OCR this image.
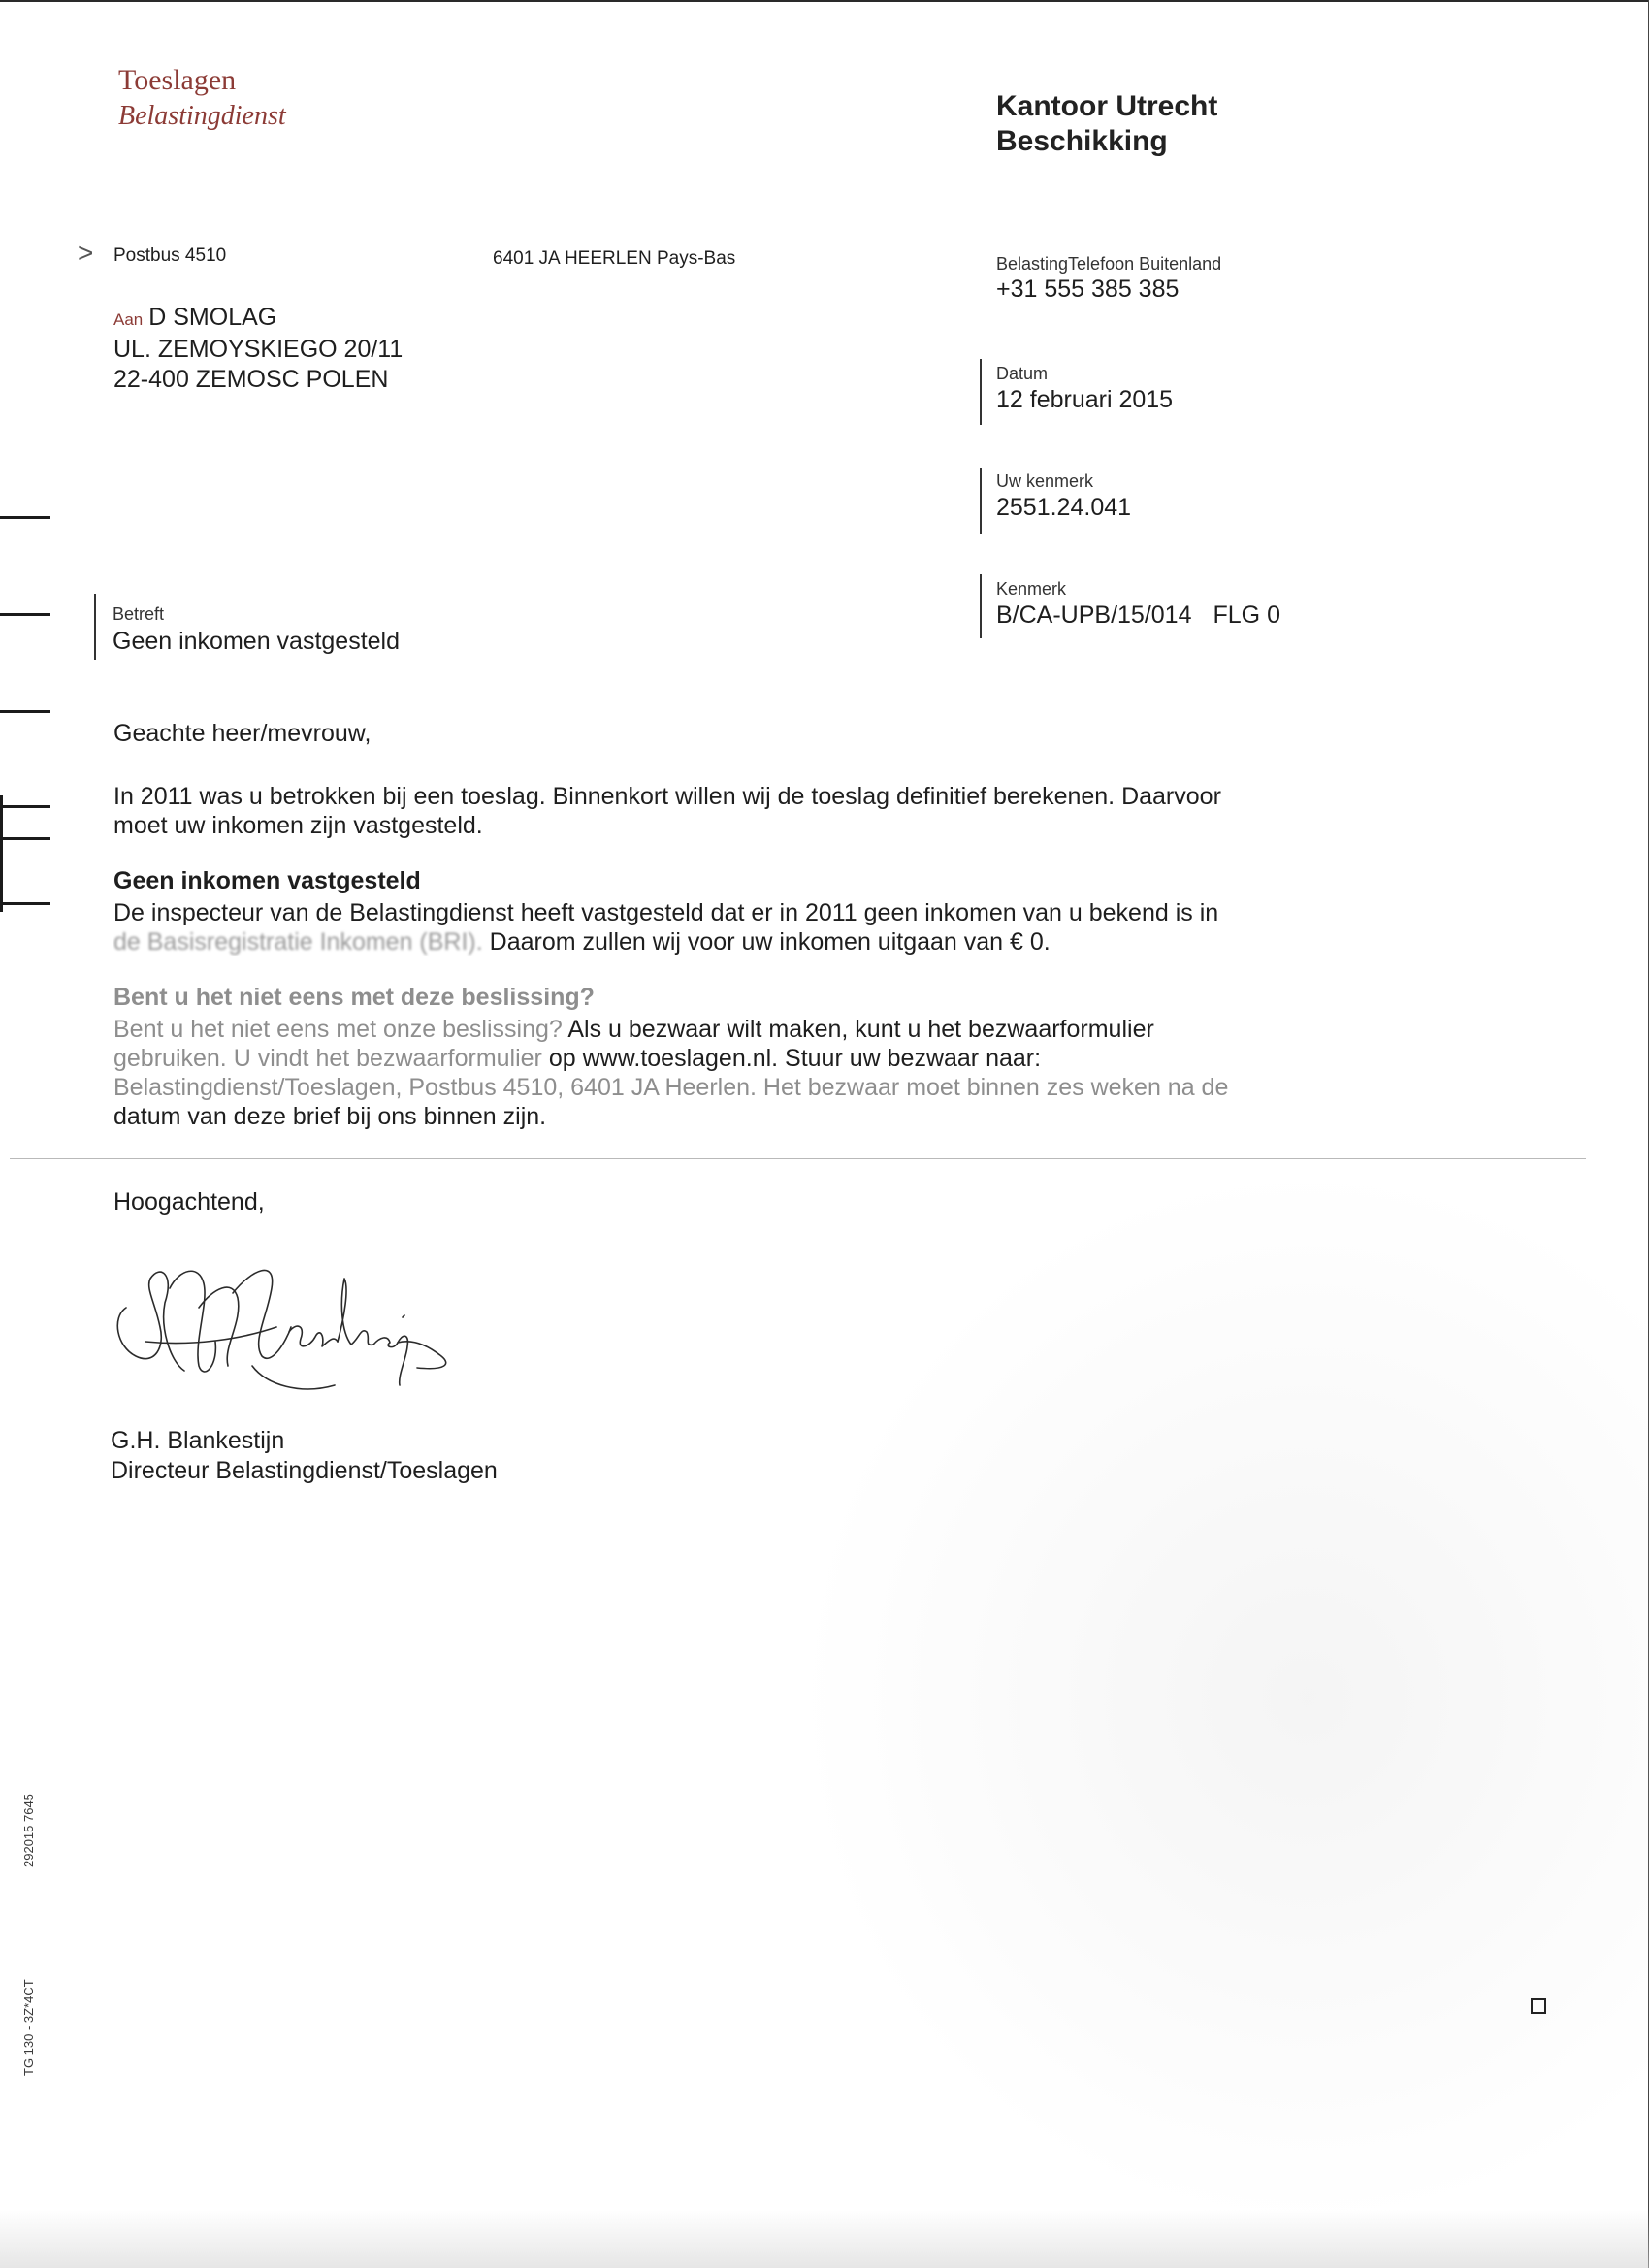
Toeslagen
Belastingdienst	Kantoor Utrecht
Beschikking
> Postbus 4510	6401 JA HEERLEN Pays-Bas
Aan D SMOLAG
UL. ZEMOYSKIEGO 20/11
22-400 ZEMOSC POLEN
BelastingTelefoon Buitenland
+31 555 385 385
Datum
12 februari 2015
Uw kenmerk
2551.24.041
Kenmerk
B/CA-UPB/15/014 FLG 0
Betreft
Geen inkomen vastgesteld
Geachte heer/mevrouw,
In 2011 was u betrokken bij een toeslag. Binnenkort willen wij de toeslag definitief berekenen. Daarvoor
moet uw inkomen zijn vastgesteld.
Geen inkomen vastgesteld
De inspecteur van de Belastingdienst heeft vastgesteld dat er in 2011 geen inkomen van u bekend is in
de Basisregistratie Inkomen (BRI). Daarom zullen wij voor uw inkomen uitgaan van € 0.
Bent u het niet eens met deze beslissing?
Bent u het niet eens met onze beslissing? Als u bezwaar wilt maken, kunt u het bezwaarformulier
gebruiken. U vindt het bezwaarformulier op www.toeslagen.nl. Stuur uw bezwaar naar:
Belastingdienst/Toeslagen, Postbus 4510, 6401 JA Heerlen. Het bezwaar moet binnen zes weken na de
datum van deze brief bij ons binnen zijn.
Hoogachtend,
G.H. Blankestijn
Directeur Belastingdienst/Toeslagen
292015 7645
TG 130 - 3Z*4CT
